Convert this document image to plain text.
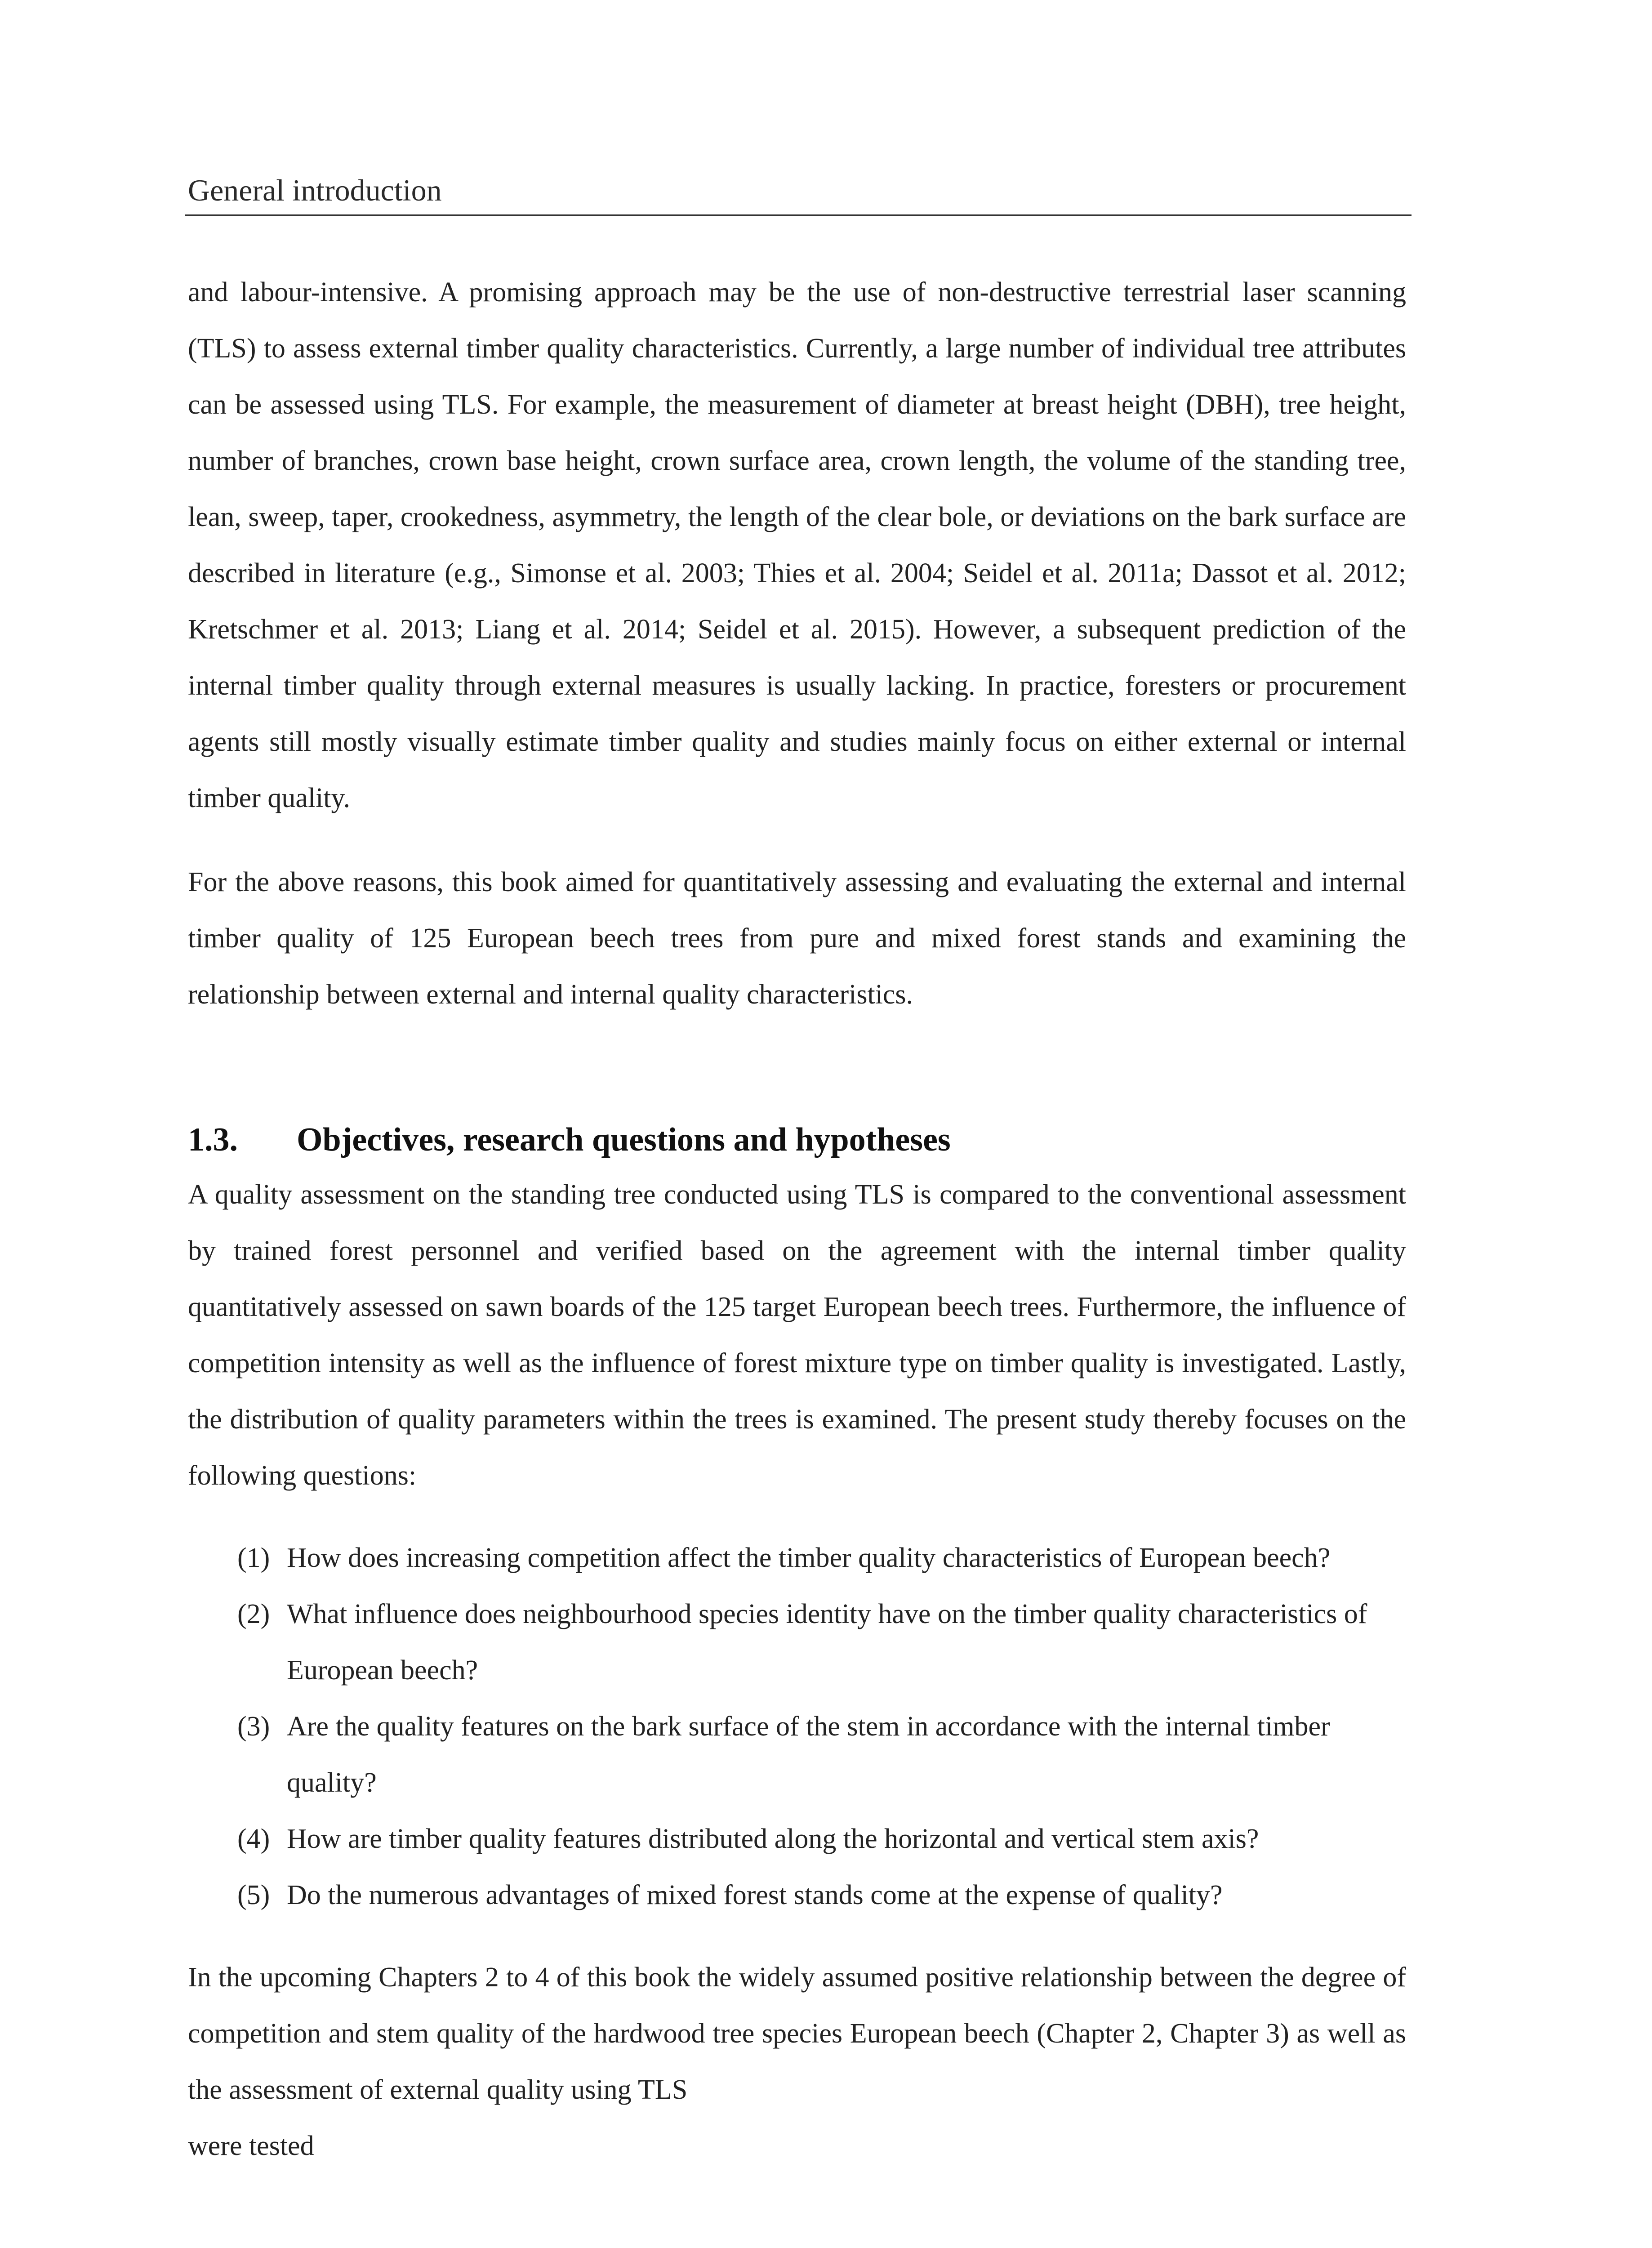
General introduction

and labour-intensive. A promising approach may be the use of non-destructive terrestrial laser scanning (TLS) to assess external timber quality characteristics. Currently, a large number of individual tree attributes can be assessed using TLS. For example, the measurement of diameter at breast height (DBH), tree height, number of branches, crown base height, crown surface area, crown length, the volume of the standing tree, lean, sweep, taper, crookedness, asymmetry, the length of the clear bole, or deviations on the bark surface are described in literature (e.g., Simonse et al. 2003; Thies et al. 2004; Seidel et al. 2011a; Dassot et al. 2012; Kretschmer et al. 2013; Liang et al. 2014; Seidel et al. 2015). However, a subsequent prediction of the internal timber quality through external measures is usually lacking. In practice, foresters or procurement agents still mostly visually estimate timber quality and studies mainly focus on either external or internal timber quality.

For the above reasons, this book aimed for quantitatively assessing and evaluating the external and internal timber quality of 125 European beech trees from pure and mixed forest stands and examining the relationship between external and internal quality characteristics.

1.3. Objectives, research questions and hypotheses

A quality assessment on the standing tree conducted using TLS is compared to the conventional assessment by trained forest personnel and verified based on the agreement with the internal timber quality quantitatively assessed on sawn boards of the 125 target European beech trees. Furthermore, the influence of competition intensity as well as the influence of forest mixture type on timber quality is investigated. Lastly, the distribution of quality parameters within the trees is examined. The present study thereby focuses on the following questions:

(1) How does increasing competition affect the timber quality characteristics of European beech?
(2) What influence does neighbourhood species identity have on the timber quality characteristics of European beech?
(3) Are the quality features on the bark surface of the stem in accordance with the internal timber quality?
(4) How are timber quality features distributed along the horizontal and vertical stem axis?
(5) Do the numerous advantages of mixed forest stands come at the expense of quality?

In the upcoming Chapters 2 to 4 of this book the widely assumed positive relationship between the degree of competition and stem quality of the hardwood tree species European beech (Chapter 2, Chapter 3) as well as the assessment of external quality using TLS

were tested
